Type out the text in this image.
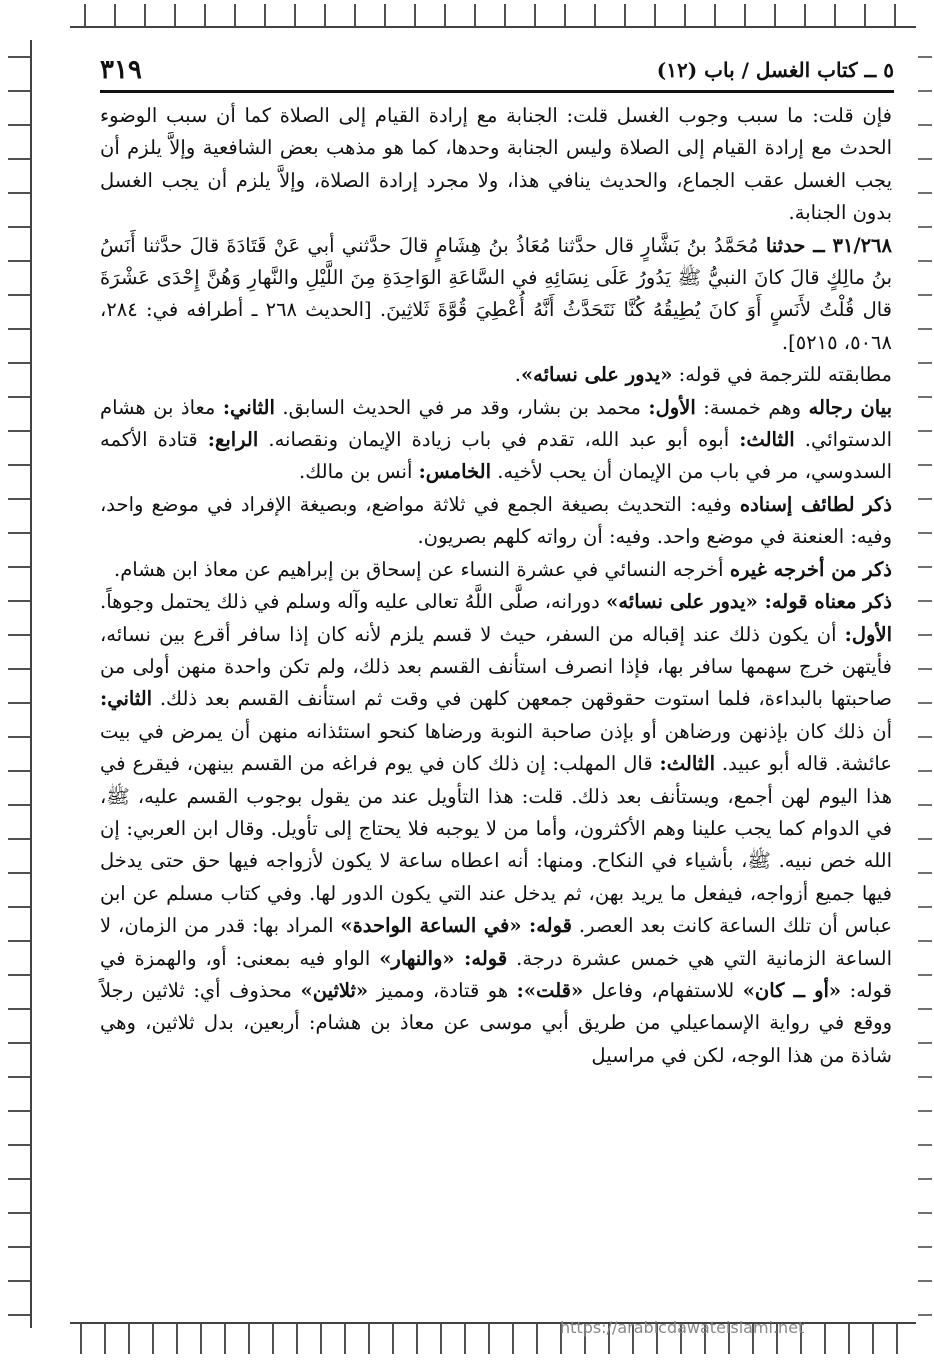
٥ ــ كتاب الغسل / باب (١٢)
٣١٩

فإن قلت: ما سبب وجوب الغسل قلت: الجنابة مع إرادة القيام إلى الصلاة كما أن سبب الوضوء الحدث مع إرادة القيام إلى الصلاة وليس الجنابة وحدها، كما هو مذهب بعض الشافعية وإلاَّ يلزم أن يجب الغسل عقب الجماع، والحديث ينافي هذا، ولا مجرد إرادة الصلاة، وإلاَّ يلزم أن يجب الغسل بدون الجنابة.

٣١/٢٦٨ ــ حدثنا مُحَمَّدُ بنُ بَشَّارٍ قال حدَّثنا مُعَاذُ بنُ هِشَامٍ قالَ حدَّثني أبي عَنْ قَتَادَةَ قالَ حدَّثنا أَنَسُ بنُ مالِكٍ قالَ كانَ النبيُّ ﷺ يَدُورُ عَلَى نِسَائِهِ في السَّاعَةِ الوَاحِدَةِ مِنَ اللَّيْلِ والنَّهارِ وَهُنَّ إِحْدَى عَشْرَةَ قال قُلْتُ لأَنَسٍ أَوَ كانَ يُطِيقُهُ كُنَّا نَتَحَدَّثُ أَنَّهُ أُعْطِيَ قُوَّةَ ثَلاثِينَ. [الحديث ٢٦٨ ـ أطرافه في: ٢٨٤، ٥٠٦٨، ٥٢١٥].

مطابقته للترجمة في قوله: «يدور على نسائه».

بيان رجاله وهم خمسة: الأول: محمد بن بشار، وقد مر في الحديث السابق. الثاني: معاذ بن هشام الدستوائي. الثالث: أبوه أبو عبد الله، تقدم في باب زيادة الإيمان ونقصانه. الرابع: قتادة الأكمه السدوسي، مر في باب من الإيمان أن يحب لأخيه. الخامس: أنس بن مالك.

ذكر لطائف إسناده وفيه: التحديث بصيغة الجمع في ثلاثة مواضع، وبصيغة الإفراد في موضع واحد، وفيه: العنعنة في موضع واحد. وفيه: أن رواته كلهم بصريون.

ذكر من أخرجه غيره أخرجه النسائي في عشرة النساء عن إسحاق بن إبراهيم عن معاذ ابن هشام.

ذكر معناه قوله: «يدور على نسائه» دورانه، صلَّى اللَّهُ تعالى عليه وآله وسلم في ذلك يحتمل وجوهاً. الأول: أن يكون ذلك عند إقباله من السفر، حيث لا قسم يلزم لأنه كان إذا سافر أقرع بين نسائه، فأيتهن خرج سهمها سافر بها، فإذا انصرف استأنف القسم بعد ذلك، ولم تكن واحدة منهن أولى من صاحبتها بالبداءة، فلما استوت حقوقهن جمعهن كلهن في وقت ثم استأنف القسم بعد ذلك. الثاني: أن ذلك كان بإذنهن ورضاهن أو بإذن صاحبة النوبة ورضاها كنحو استئذانه منهن أن يمرض في بيت عائشة. قاله أبو عبيد. الثالث: قال المهلب: إن ذلك كان في يوم فراغه من القسم بينهن، فيقرع في هذا اليوم لهن أجمع، ويستأنف بعد ذلك. قلت: هذا التأويل عند من يقول بوجوب القسم عليه، ﷺ، في الدوام كما يجب علينا وهم الأكثرون، وأما من لا يوجبه فلا يحتاج إلى تأويل. وقال ابن العربي: إن الله خص نبيه. ﷺ، بأشياء في النكاح. ومنها: أنه اعطاه ساعة لا يكون لأزواجه فيها حق حتى يدخل فيها جميع أزواجه، فيفعل ما يريد بهن، ثم يدخل عند التي يكون الدور لها. وفي كتاب مسلم عن ابن عباس أن تلك الساعة كانت بعد العصر. قوله: «في الساعة الواحدة» المراد بها: قدر من الزمان، لا الساعة الزمانية التي هي خمس عشرة درجة. قوله: «والنهار» الواو فيه بمعنى: أو، والهمزة في قوله: «أو ــ كان» للاستفهام، وفاعل «قلت»: هو قتادة، ومميز «ثلاثين» محذوف أي: ثلاثين رجلاً ووقع في رواية الإسماعيلي من طريق أبي موسى عن معاذ بن هشام: أربعين، بدل ثلاثين، وهي شاذة من هذا الوجه، لكن في مراسيل

https://arabicdawateislami.net
